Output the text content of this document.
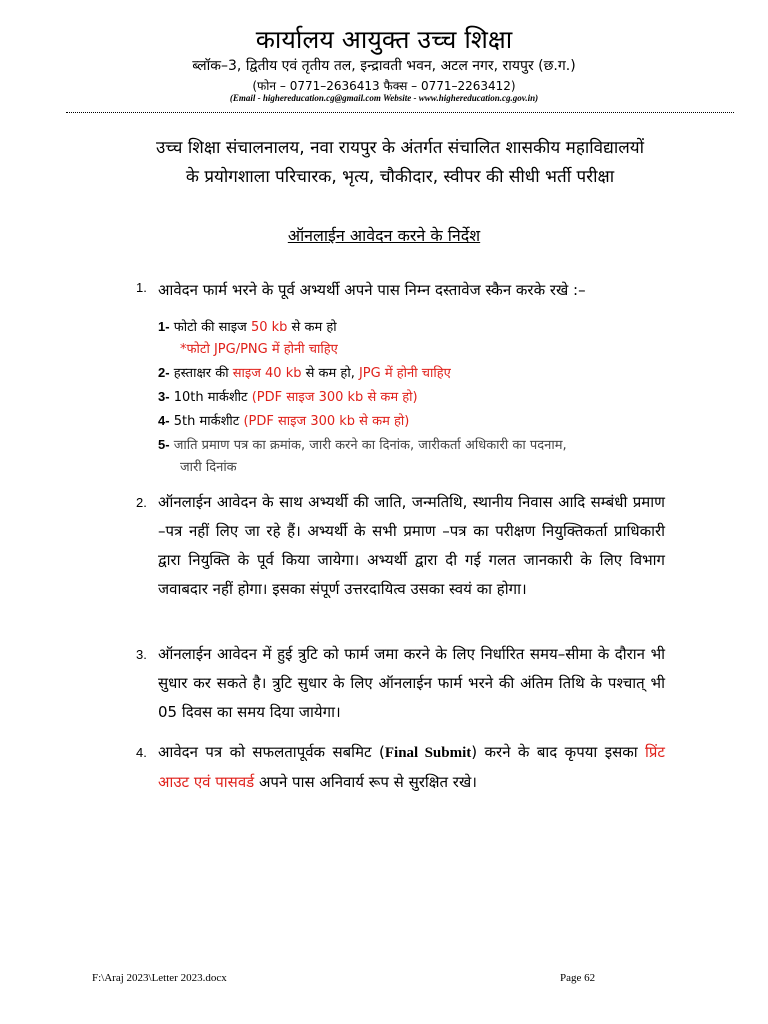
कार्यालय आयुक्त उच्च शिक्षा
ब्लॉक–3, द्वितीय एवं तृतीय तल, इन्द्रावती भवन, अटल नगर, रायपुर (छ.ग.)
(फोन – 0771–2636413 फैक्स – 0771–2263412)
(Email - highereducation.cg@gmail.com Website - www.highereducation.cg.gov.in)
उच्च शिक्षा संचालनालय, नवा रायपुर के अंतर्गत संचालित शासकीय महाविद्यालयों
के प्रयोगशाला परिचारक, भृत्य, चौकीदार, स्वीपर की सीधी भर्ती परीक्षा
ऑनलाईन आवेदन करने के निर्देश
1. आवेदन फार्म भरने के पूर्व अभ्यर्थी अपने पास निम्न दस्तावेज स्कैन करके रखे :–
1- फोटो की साइज 50 kb से कम हो
*फोटो JPG/PNG में होनी चाहिए
2- हस्ताक्षर की साइज 40 kb से कम हो, JPG में होनी चाहिए
3- 10th मार्कशीट (PDF साइज 300 kb से कम हो)
4- 5th मार्कशीट (PDF साइज 300 kb से कम हो)
5- जाति प्रमाण पत्र का क्रमांक, जारी करने का दिनांक, जारीकर्ता अधिकारी का पदनाम,
जारी दिनांक
2. ऑनलाईन आवेदन के साथ अभ्यर्थी की जाति, जन्मतिथि, स्थानीय निवास आदि सम्बंधी प्रमाण –पत्र नहीं लिए जा रहे हैं। अभ्यर्थी के सभी प्रमाण –पत्र का परीक्षण नियुक्तिकर्ता प्राधिकारी द्वारा नियुक्ति के पूर्व किया जायेगा। अभ्यर्थी द्वारा दी गई गलत जानकारी के लिए विभाग जवाबदार नहीं होगा। इसका संपूर्ण उत्तरदायित्व उसका स्वयं का होगा।
3. ऑनलाईन आवेदन में हुई त्रुटि को फार्म जमा करने के लिए निर्धारित समय–सीमा के दौरान भी सुधार कर सकते है। त्रुटि सुधार के लिए ऑनलाईन फार्म भरने की अंतिम तिथि के पश्चात् भी 05 दिवस का समय दिया जायेगा।
4. आवेदन पत्र को सफलतापूर्वक सबमिट (Final Submit) करने के बाद कृपया इसका प्रिंट आउट एवं पासवर्ड अपने पास अनिवार्य रूप से सुरक्षित रखे।
F:\Araj 2023\Letter 2023.docx	Page 62
